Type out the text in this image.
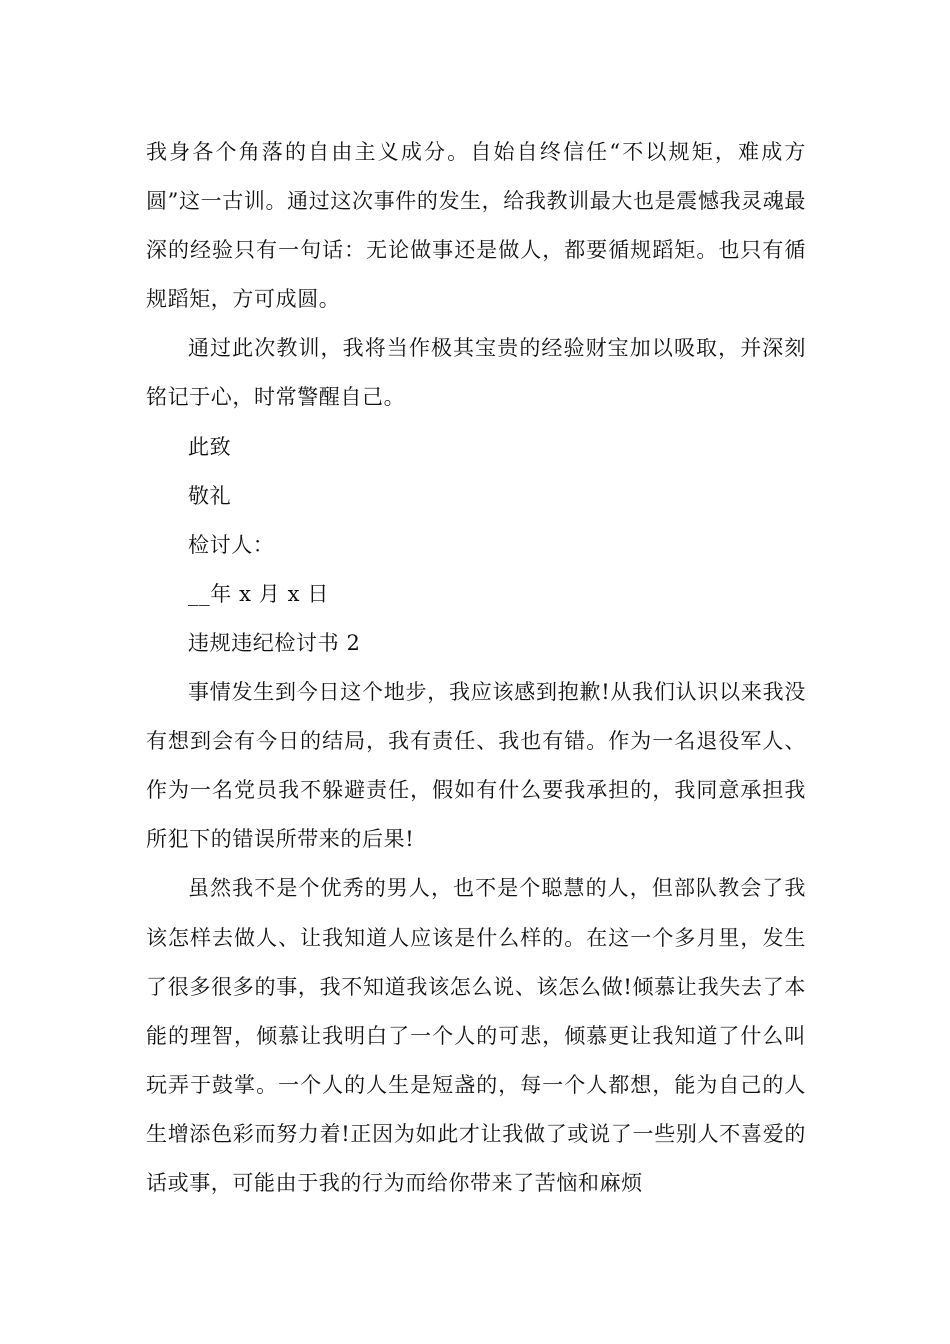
我身各个角落的自由主义成分。自始自终信任“不以规矩，难成方圆”这一古训。通过这次事件的发生，给我教训最大也是震憾我灵魂最深的经验只有一句话：无论做事还是做人，都要循规蹈矩。也只有循规蹈矩，方可成圆。

通过此次教训，我将当作极其宝贵的经验财宝加以吸取，并深刻铭记于心，时常警醒自己。

此致

敬礼

检讨人：

__年 x 月 x 日

违规违纪检讨书 2

事情发生到今日这个地步，我应该感到抱歉!从我们认识以来我没有想到会有今日的结局，我有责任、我也有错。作为一名退役军人、作为一名党员我不躲避责任，假如有什么要我承担的，我同意承担我所犯下的错误所带来的后果!

虽然我不是个优秀的男人，也不是个聪慧的人，但部队教会了我该怎样去做人、让我知道人应该是什么样的。在这一个多月里，发生了很多很多的事，我不知道我该怎么说、该怎么做!倾慕让我失去了本能的理智，倾慕让我明白了一个人的可悲，倾慕更让我知道了什么叫玩弄于鼓掌。一个人的人生是短盏的，每一个人都想，能为自己的人生增添色彩而努力着!正因为如此才让我做了或说了一些别人不喜爱的话或事，可能由于我的行为而给你带来了苦恼和麻烦
